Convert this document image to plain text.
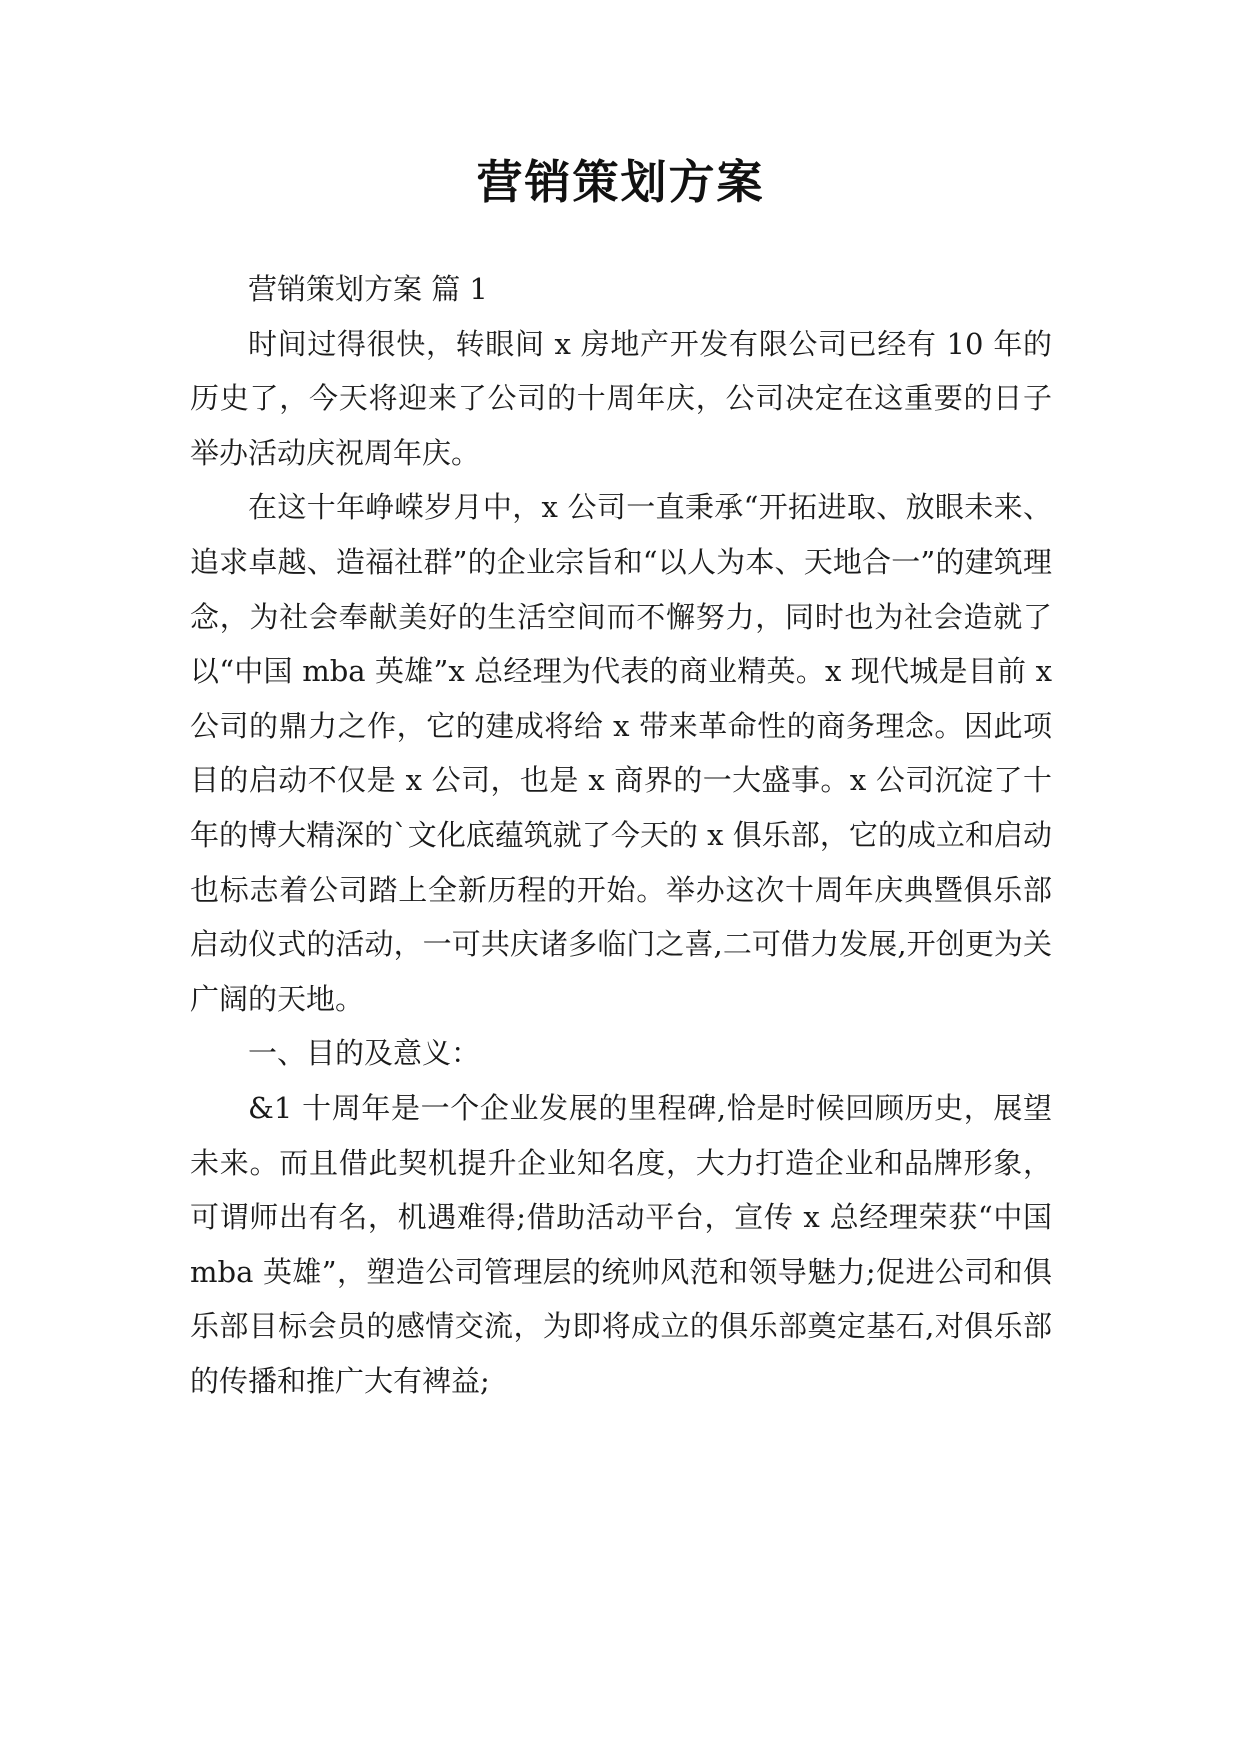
营销策划方案

营销策划方案 篇 1

时间过得很快，转眼间 x 房地产开发有限公司已经有 10 年的历史了，今天将迎来了公司的十周年庆，公司决定在这重要的日子举办活动庆祝周年庆。

在这十年峥嵘岁月中，x 公司一直秉承“开拓进取、放眼未来、追求卓越、造福社群”的企业宗旨和“以人为本、天地合一”的建筑理念，为社会奉献美好的生活空间而不懈努力，同时也为社会造就了以“中国 mba 英雄”x 总经理为代表的商业精英。x 现代城是目前 x 公司的鼎力之作，它的建成将给 x 带来革命性的商务理念。因此项目的启动不仅是 x 公司，也是 x 商界的一大盛事。x 公司沉淀了十年的博大精深的`文化底蕴筑就了今天的 x 俱乐部，它的成立和启动也标志着公司踏上全新历程的开始。举办这次十周年庆典暨俱乐部启动仪式的活动，一可共庆诸多临门之喜,二可借力发展,开创更为关广阔的天地。

一、目的及意义：

&1 十周年是一个企业发展的里程碑,恰是时候回顾历史，展望未来。而且借此契机提升企业知名度，大力打造企业和品牌形象，可谓师出有名，机遇难得;借助活动平台，宣传 x 总经理荣获“中国 mba 英雄”，塑造公司管理层的统帅风范和领导魅力;促进公司和俱乐部目标会员的感情交流，为即将成立的俱乐部奠定基石,对俱乐部的传播和推广大有裨益;
